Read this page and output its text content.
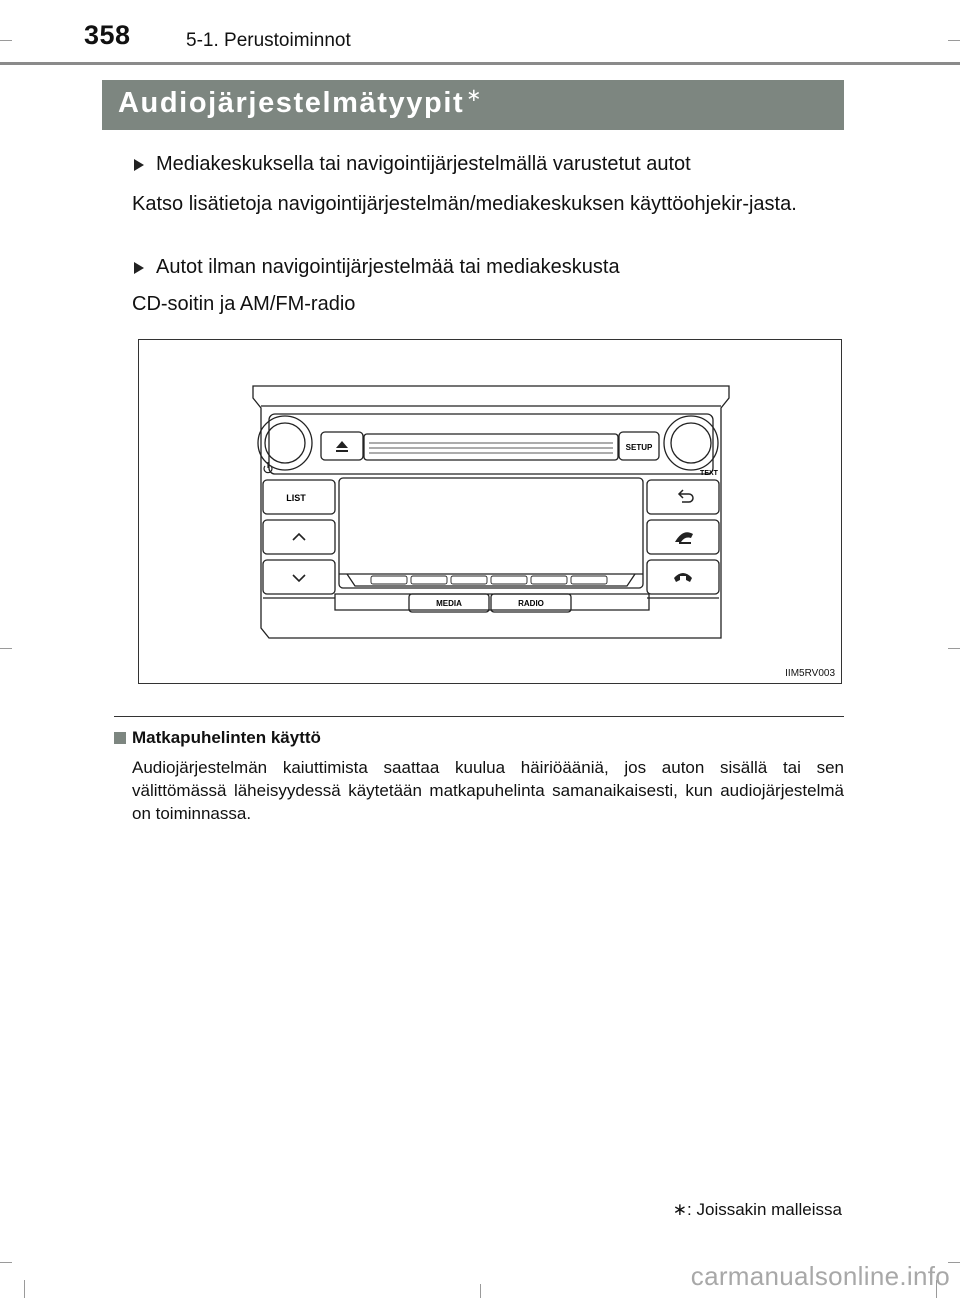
358	5-1. Perustoiminnot
Audiojärjestelmätyypit ∗
Mediakeskuksella tai navigointijärjestelmällä varustetut autot
Katso lisätietoja navigointijärjestelmän/mediakeskuksen käyttöohjekir-jasta.
Autot ilman navigointijärjestelmää tai mediakeskusta
CD-soitin ja AM/FM-radio
SETUP
TEXT
LIST
MEDIA	RADIO
IIM5RV003
Matkapuhelinten käyttö
Audiojärjestelmän kaiuttimista saattaa kuulua häiriöääniä, jos auton sisällä tai sen välittömässä läheisyydessä käytetään matkapuhelinta samanaikaisesti, kun audiojärjestelmä on toiminnassa.
∗: Joissakin malleissa
carmanualsonline.info
